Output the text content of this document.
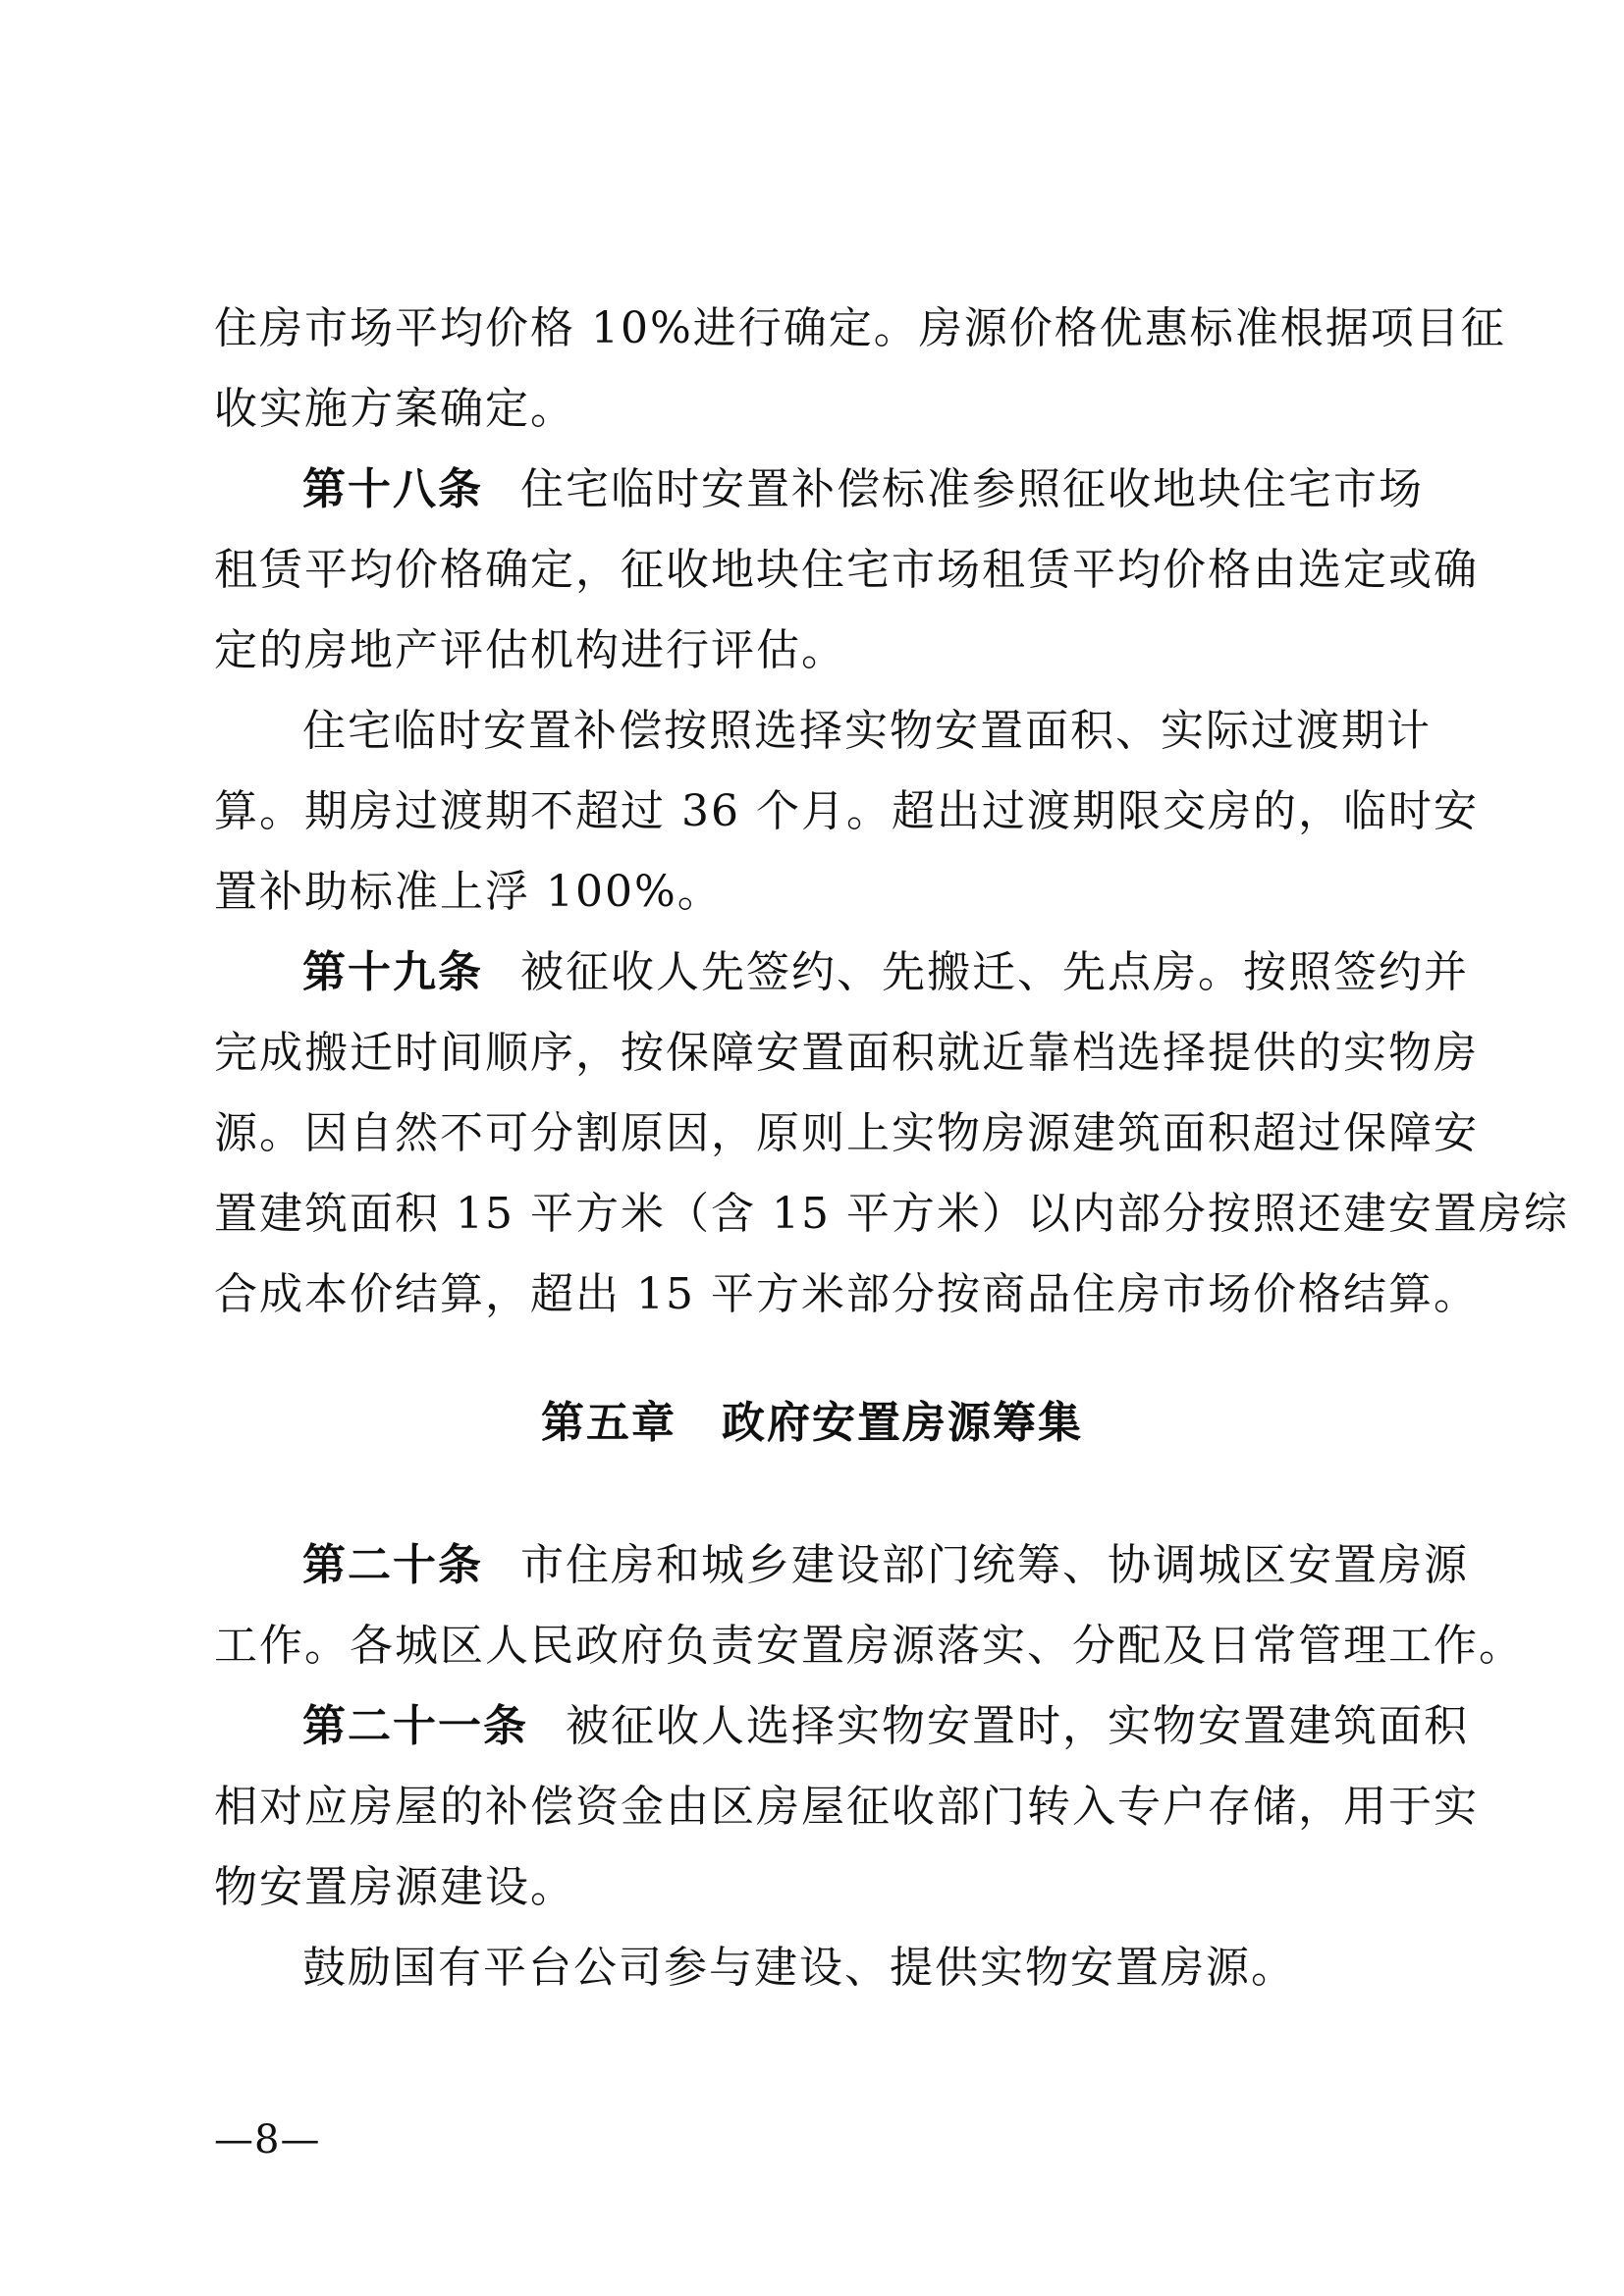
住房市场平均价格 10%进行确定。房源价格优惠标准根据项目征
收实施方案确定。
第十八条 住宅临时安置补偿标准参照征收地块住宅市场
租赁平均价格确定，征收地块住宅市场租赁平均价格由选定或确
定的房地产评估机构进行评估。
住宅临时安置补偿按照选择实物安置面积、实际过渡期计
算。期房过渡期不超过 36 个月。超出过渡期限交房的，临时安
置补助标准上浮 100%。
第十九条 被征收人先签约、先搬迁、先点房。按照签约并
完成搬迁时间顺序，按保障安置面积就近靠档选择提供的实物房
源。因自然不可分割原因，原则上实物房源建筑面积超过保障安
置建筑面积 15 平方米（含 15 平方米）以内部分按照还建安置房综
合成本价结算，超出 15 平方米部分按商品住房市场价格结算。
第五章　政府安置房源筹集
第二十条 市住房和城乡建设部门统筹、协调城区安置房源
工作。各城区人民政府负责安置房源落实、分配及日常管理工作。
第二十一条 被征收人选择实物安置时，实物安置建筑面积
相对应房屋的补偿资金由区房屋征收部门转入专户存储，用于实
物安置房源建设。
鼓励国有平台公司参与建设、提供实物安置房源。
—8—
